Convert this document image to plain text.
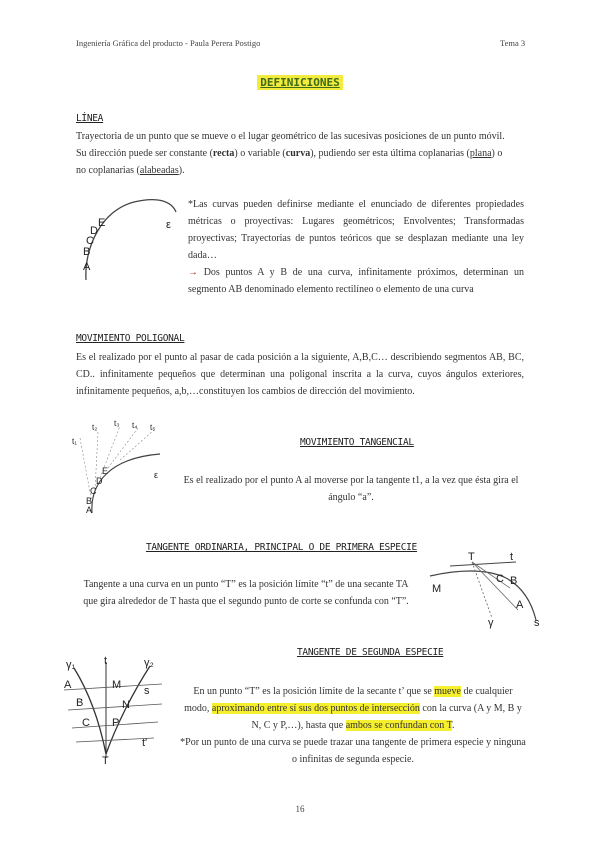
Ingeniería Gráfica del producto - Paula Perera Postigo	Tema 3
DEFINICIONES
LÍNEA
Trayectoria de un punto que se mueve o el lugar geométrico de las sucesivas posiciones de un punto móvil.
Su dirección puede ser constante (recta) o variable (curva), pudiendo ser esta última coplanarias (plana) o
no coplanarias (alabeadas).
E
D
C
B
A
ε
*Las curvas pueden definirse mediante el enunciado de diferentes propiedades métricas o proyectivas: Lugares geométricos; Envolventes; Transformadas proyectivas; Trayectorias de puntos teóricos que se desplazan mediante una ley dada…
→ Dos puntos A y B de una curva, infinitamente próximos, determinan un segmento AB denominado elemento rectilíneo o elemento de una curva
MOVIMIENTO POLIGONAL
Es el realizado por el punto al pasar de cada posición a la siguiente, A,B,C… describiendo segmentos AB, BC, CD.. infinitamente pequeños que determinan una poligonal inscrita a la curva, cuyos ángulos exteriores, infinitamente pequeños, a,b,…constituyen los cambios de dirección del movimiento.
t₁
t₂ t₃ t₄ t₅
E
D
C
B
A
ε
MOVIMIENTO TANGENCIAL
Es el realizado por el punto A al moverse por la tangente t1, a la vez que ésta gira el ángulo “a”.
TANGENTE ORDINARIA, PRINCIPAL O DE PRIMERA ESPECIE
Tangente a una curva en un punto “T” es la posición límite “t” de una secante TA que gira alrededor de T hasta que el segundo punto de corte se confunda con “T”.
T	t
M
C B
A
γ	s
TANGENTE DE SEGUNDA ESPECIE
γ₁	t	γ₂
A	M s
B	N
C P
t'
T
En un punto “T” es la posición límite de la secante t’ que se mueve de cualquier modo, aproximando entre sí sus dos puntos de intersección con la curva (A y M, B y N, C y P,…), hasta que ambos se confundan con T.
*Por un punto de una curva se puede trazar una tangente de primera especie y ninguna o infinitas de segunda especie.
16
